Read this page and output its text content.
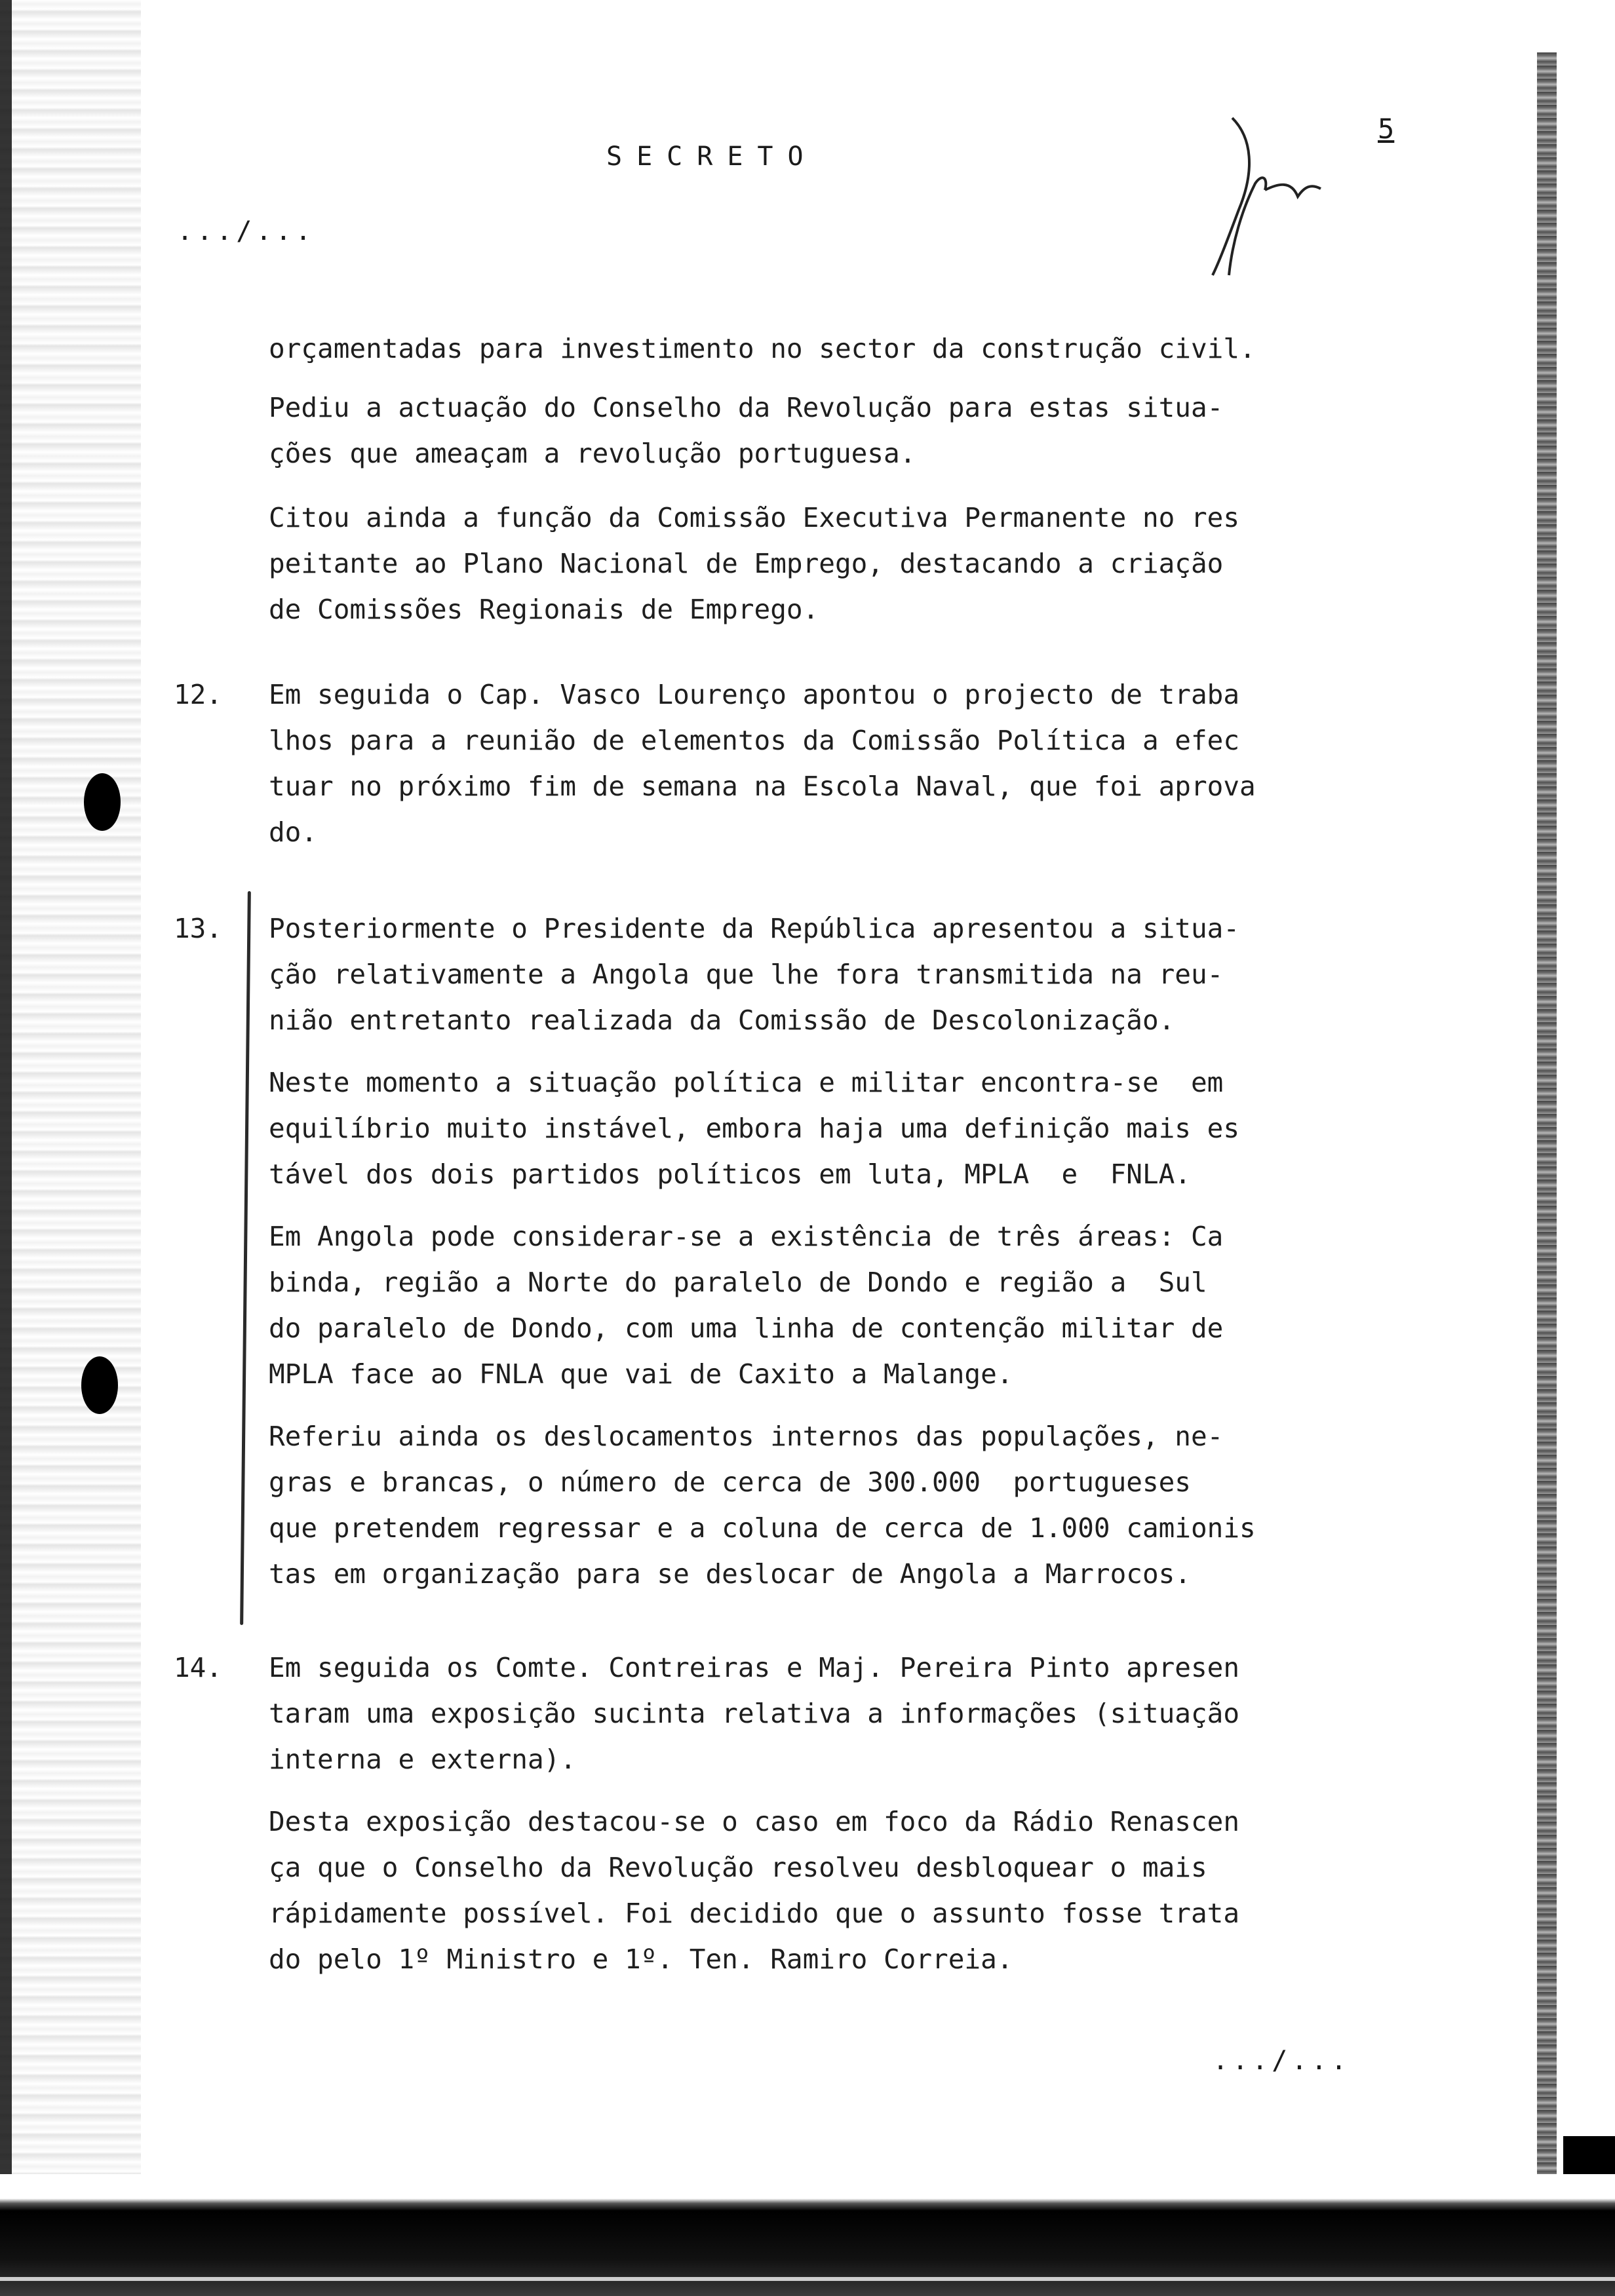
SECRETO
5
.../...
12.
13.
14.
orçamentadas para investimento no sector da construção civil.
Pediu a actuação do Conselho da Revolução para estas situa-
ções que ameaçam a revolução portuguesa.
Citou ainda a função da Comissão Executiva Permanente no res
peitante ao Plano Nacional de Emprego, destacando a criação
de Comissões Regionais de Emprego.
Em seguida o Cap. Vasco Lourenço apontou o projecto de traba
lhos para a reunião de elementos da Comissão Política a efec
tuar no próximo fim de semana na Escola Naval, que foi aprova
do.
Posteriormente o Presidente da República apresentou a situa-
ção relativamente a Angola que lhe fora transmitida na reu-
nião entretanto realizada da Comissão de Descolonização.
Neste momento a situação política e militar encontra-se  em
equilíbrio muito instável, embora haja uma definição mais es
tável dos dois partidos políticos em luta, MPLA  e  FNLA.
Em Angola pode considerar-se a existência de três áreas: Ca
binda, região a Norte do paralelo de Dondo e região a  Sul
do paralelo de Dondo, com uma linha de contenção militar de
MPLA face ao FNLA que vai de Caxito a Malange.
Referiu ainda os deslocamentos internos das populações, ne-
gras e brancas, o número de cerca de 300.000  portugueses
que pretendem regressar e a coluna de cerca de 1.000 camionis
tas em organização para se deslocar de Angola a Marrocos.
Em seguida os Comte. Contreiras e Maj. Pereira Pinto apresen
taram uma exposição sucinta relativa a informações (situação
interna e externa).
Desta exposição destacou-se o caso em foco da Rádio Renascen
ça que o Conselho da Revolução resolveu desbloquear o mais
rápidamente possível. Foi decidido que o assunto fosse trata
do pelo 1º Ministro e 1º. Ten. Ramiro Correia.
.../...
